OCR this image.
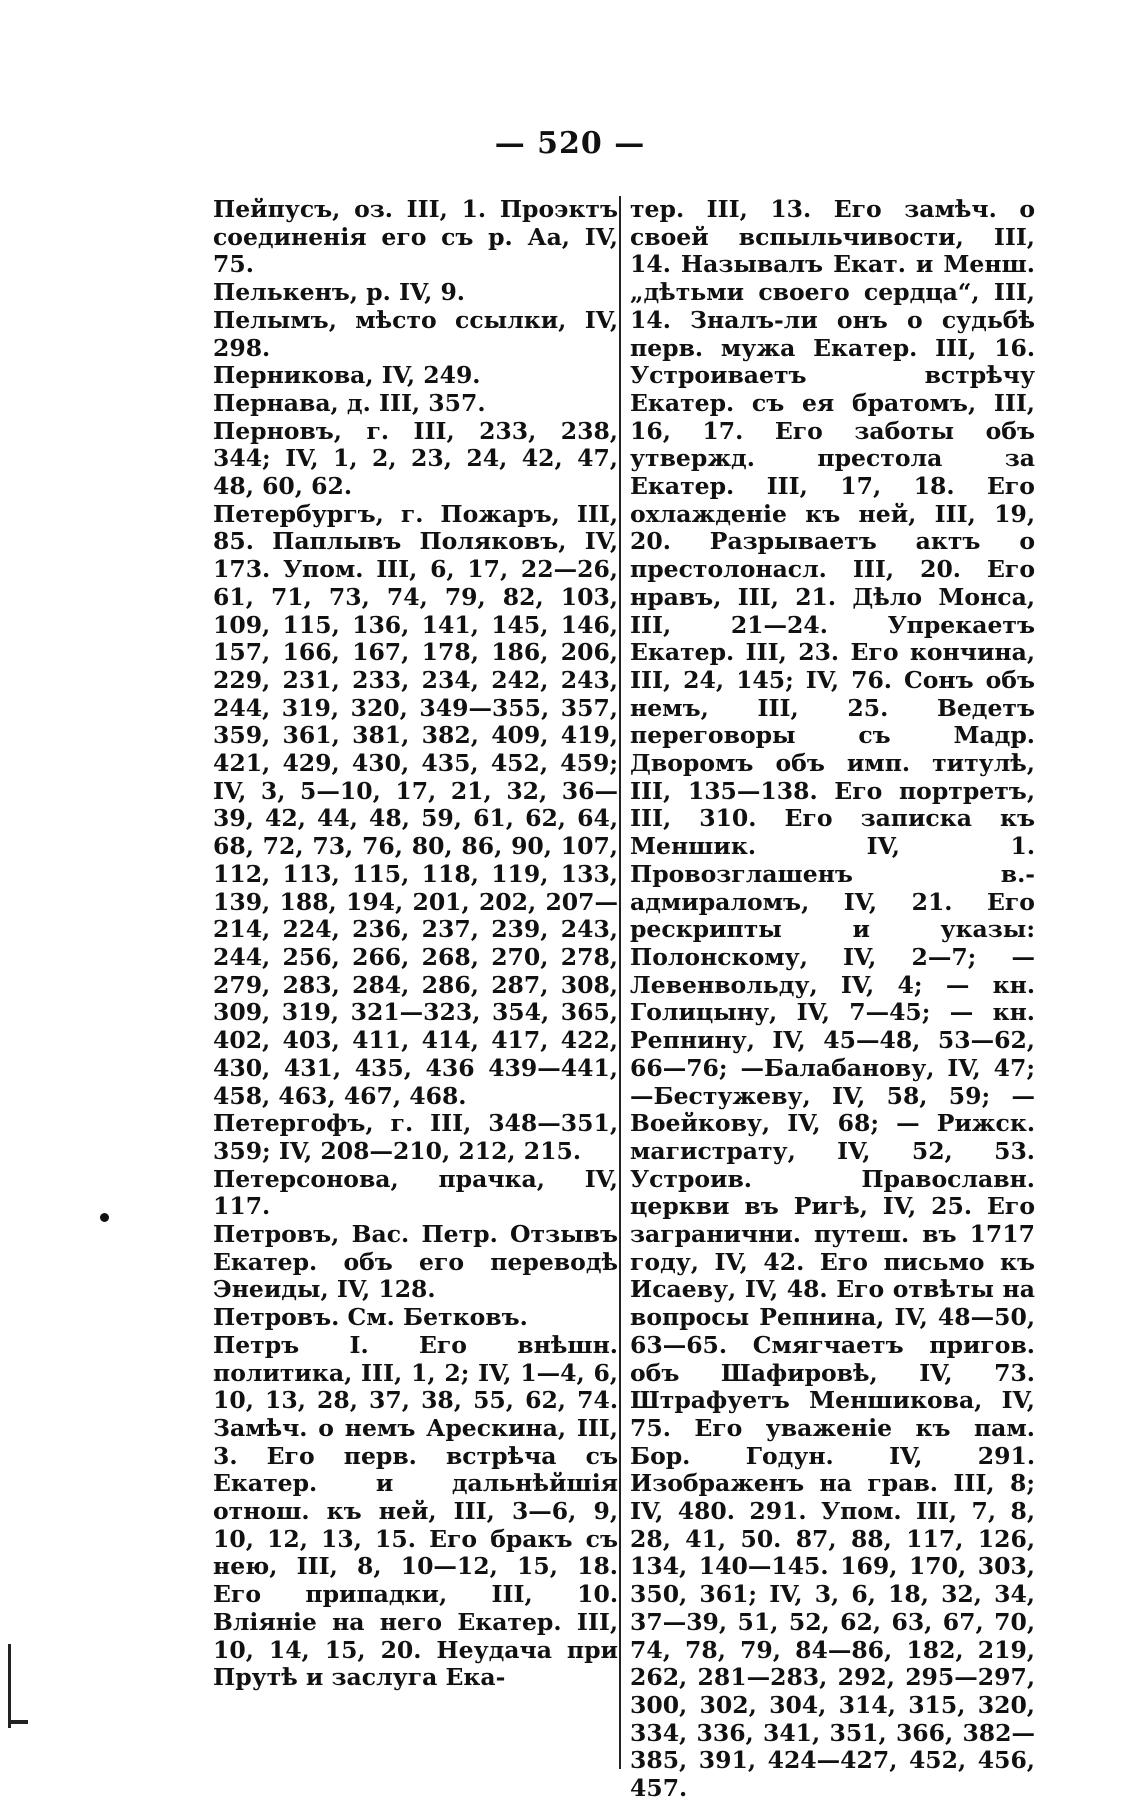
— 520 —

Пейпусъ, оз. III, 1. Проэктъ соединенія его съ р. Аа, IV, 75.

Пелькенъ, р. IV, 9.

Пелымъ, мѣсто ссылки, IV, 298.

Перникова, IV, 249.

Пернава, д. III, 357.

Перновъ, г. III, 233, 238, 344; IV, 1, 2, 23, 24, 42, 47, 48, 60, 62.

Петербургъ, г. Пожаръ, III, 85. Паплывъ Поляковъ, IV, 173. Упом. III, 6, 17, 22—26, 61, 71, 73, 74, 79, 82, 103, 109, 115, 136, 141, 145, 146, 157, 166, 167, 178, 186, 206, 229, 231, 233, 234, 242, 243, 244, 319, 320, 349—355, 357, 359, 361, 381, 382, 409, 419, 421, 429, 430, 435, 452, 459; IV, 3, 5—10, 17, 21, 32, 36—39, 42, 44, 48, 59, 61, 62, 64, 68, 72, 73, 76, 80, 86, 90, 107, 112, 113, 115, 118, 119, 133, 139, 188, 194, 201, 202, 207—214, 224, 236, 237, 239, 243, 244, 256, 266, 268, 270, 278, 279, 283, 284, 286, 287, 308, 309, 319, 321—323, 354, 365, 402, 403, 411, 414, 417, 422, 430, 431, 435, 436 439—441, 458, 463, 467, 468.

Петергофъ, г. III, 348—351, 359; IV, 208—210, 212, 215.

Петерсонова, прачка, IV, 117.

Петровъ, Вас. Петр. Отзывъ Екатер. объ его переводѣ Энеиды, IV, 128.

Петровъ. См. Бетковъ.

Петръ I. Его внѣшн. политика, III, 1, 2; IV, 1—4, 6, 10, 13, 28, 37, 38, 55, 62, 74. Замѣч. о немъ Арескина, III, 3. Его перв. встрѣча съ Екатер. и дальнѣйшія отнош. къ ней, III, 3—6, 9, 10, 12, 13, 15. Его бракъ съ нею, III, 8, 10—12, 15, 18. Его припадки, III, 10. Вліяніе на него Екатер. III, 10, 14, 15, 20. Неудача при Прутѣ и заслуга Ека-

тер. III, 13. Его замѣч. о своей вспыльчивости, III, 14. Называлъ Екат. и Менш. „дѣтьми своего сердца“, III, 14. Зналъ-ли онъ о судьбѣ перв. мужа Екатер. III, 16. Устроиваетъ встрѣчу Екатер. съ ея братомъ, III, 16, 17. Его заботы объ утвержд. престола за Екатер. III, 17, 18. Его охлажденіе къ ней, III, 19, 20. Разрываетъ актъ о престолонасл. III, 20. Его нравъ, III, 21. Дѣло Монса, III, 21—24. Упрекаетъ Екатер. III, 23. Его кончина, III, 24, 145; IV, 76. Сонъ объ немъ, III, 25. Ведетъ переговоры съ Мадр. Дворомъ объ имп. титулѣ, III, 135—138. Его портретъ, III, 310. Его записка къ Меншик. IV, 1. Провозглашенъ в.-адмираломъ, IV, 21. Его рескрипты и указы: Полонскому, IV, 2—7; —Левенвольду, IV, 4; — кн. Голицыну, IV, 7—45; — кн. Репнину, IV, 45—48, 53—62, 66—76; —Балабанову, IV, 47; —Бестужеву, IV, 58, 59; —Воейкову, IV, 68; — Рижск. магистрату, IV, 52, 53. Устроив. Православн. церкви въ Ригѣ, IV, 25. Его загранични. путеш. въ 1717 году, IV, 42. Его письмо къ Исаеву, IV, 48. Его отвѣты на вопросы Репнина, IV, 48—50, 63—65. Смягчаетъ пригов. объ Шафировѣ, IV, 73. Штрафуетъ Меншикова, IV, 75. Его уваженіе къ пам. Бор. Годун. IV, 291. Изображенъ на грав. III, 8; IV, 480. 291. Упом. III, 7, 8, 28, 41, 50. 87, 88, 117, 126, 134, 140—145. 169, 170, 303, 350, 361; IV, 3, 6, 18, 32, 34, 37—39, 51, 52, 62, 63, 67, 70, 74, 78, 79, 84—86, 182, 219, 262, 281—283, 292, 295—297, 300, 302, 304, 314, 315, 320, 334, 336, 341, 351, 366, 382—385, 391, 424—427, 452, 456, 457.
